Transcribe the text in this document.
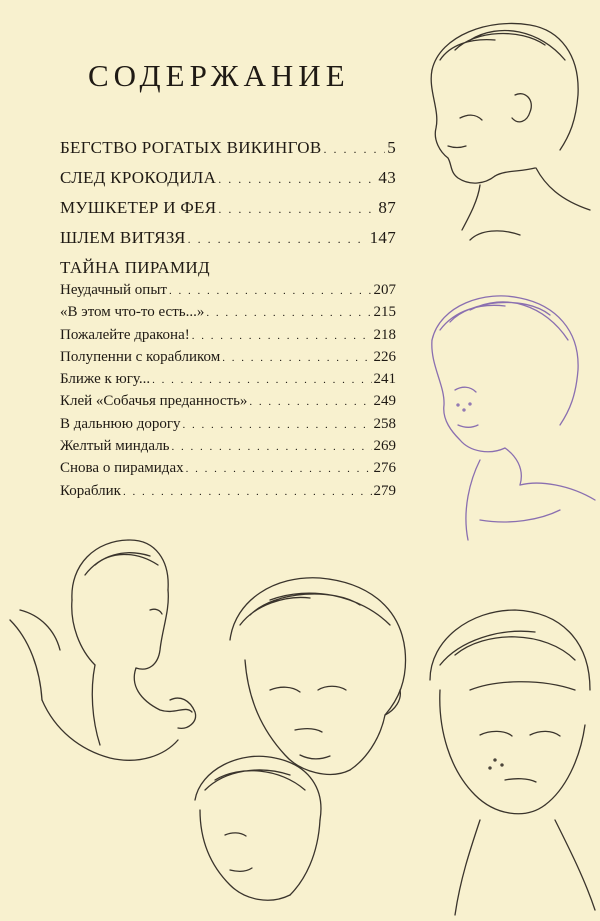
СОДЕРЖАНИЕ
БЕГСТВО РОГАТЫХ ВИКИНГОВ . . .	5
СЛЕД КРОКОДИЛА . . .	43
МУШКЕТЕР И ФЕЯ . . .	87
ШЛЕМ ВИТЯЗЯ . . .	147
ТАЙНА ПИРАМИД
Неудачный опыт . . .	207
«В этом что-то есть...» . . .	215
Пожалейте дракона! . . .	218
Полупенни с корабликом . . .	226
Ближе к югу... . . .	241
Клей «Собачья преданность» . . .	249
В дальнюю дорогу . . .	258
Желтый миндаль . . .	269
Снова о пирамидах . . .	276
Кораблик . . .	279
